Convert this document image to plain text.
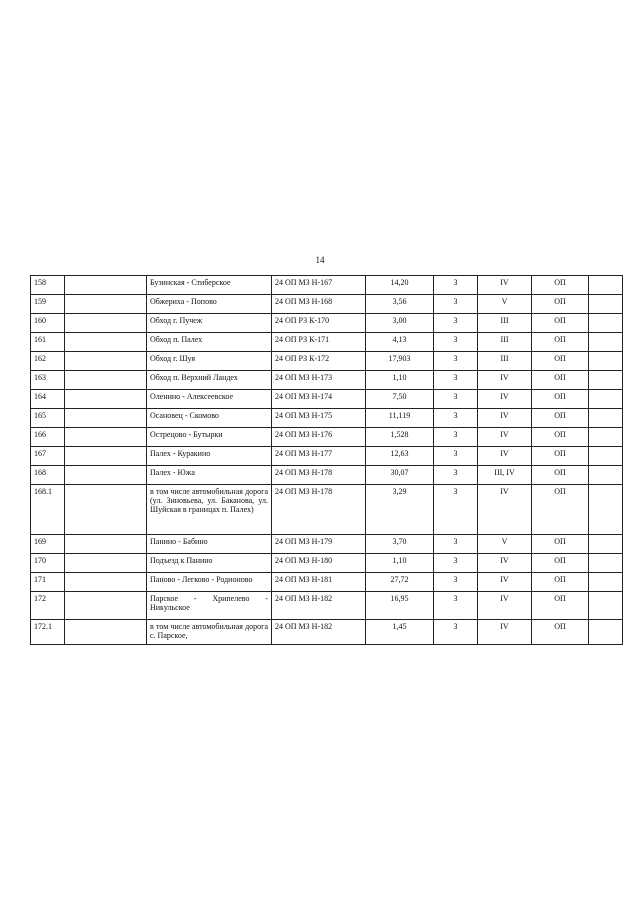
14
158		Бузинская - Стиберское	24 ОП МЗ Н-167	14,20	3	IV	ОП	
159		Обжериха - Попово	24 ОП МЗ Н-168	3,56	3	V	ОП	
160		Обход г. Пучеж	24 ОП РЗ К-170	3,00	3	III	ОП	
161		Обход п. Палех	24 ОП РЗ К-171	4,13	3	III	ОП	
162		Обход г. Шуя	24 ОП РЗ К-172	17,903	3	III	ОП	
163		Обход п. Верхний Ландех	24 ОП МЗ Н-173	1,10	3	IV	ОП	
164		Оленино - Алексеевское	24 ОП МЗ Н-174	7,50	3	IV	ОП	
165		Осановец - Скомово	24 ОП МЗ Н-175	11,119	3	IV	ОП	
166		Острецово - Бутырки	24 ОП МЗ Н-176	1,528	3	IV	ОП	
167		Палех - Куракино	24 ОП МЗ Н-177	12,63	3	IV	ОП	
168		Палех - Южа	24 ОП МЗ Н-178	30,07	3	III, IV	ОП	
168.1		в том числе автомобильная дорога (ул. Зиновьева, ул. Баканова, ул. Шуйская в границах п. Палех)	24 ОП МЗ Н-178	3,29	3	IV	ОП	
169		Панино - Бабино	24 ОП МЗ Н-179	3,70	3	V	ОП	
170		Подъезд к Панино	24 ОП МЗ Н-180	1,10	3	IV	ОП	
171		Паново - Легково - Родионово	24 ОП МЗ Н-181	27,72	3	IV	ОП	
172		Парское - Хрипелево - Никульское	24 ОП МЗ Н-182	16,95	3	IV	ОП	
172.1		в том числе автомобильная дорога с. Парское,	24 ОП МЗ Н-182	1,45	3	IV	ОП	
